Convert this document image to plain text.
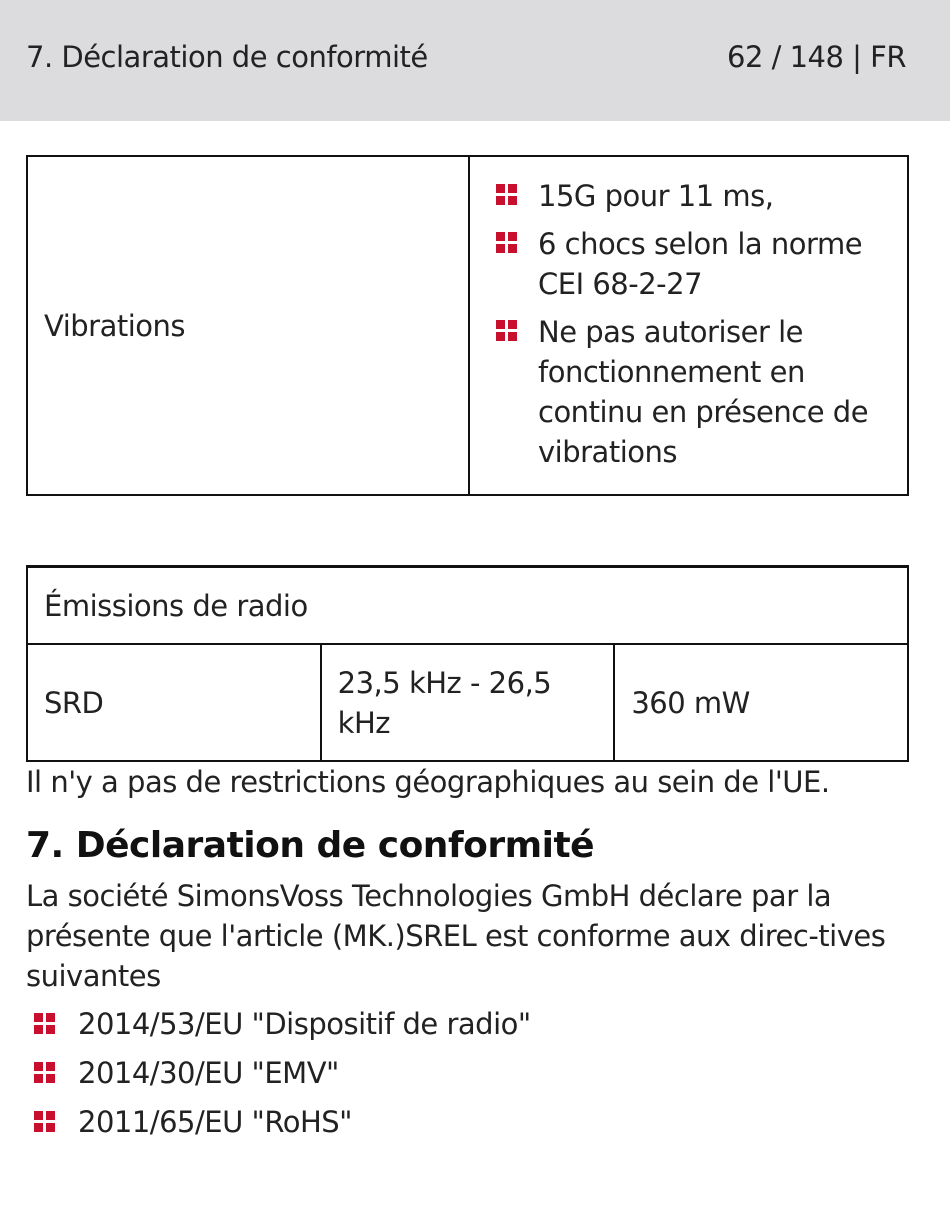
7. Déclaration de conformité	62 / 148 | FR
Vibrations	
15G pour 11 ms,
6 chocs selon la norme CEI 68-2-27
Ne pas autoriser le fonctionnement en continu en présence de vibrations
Émissions de radio
SRD	23,5 kHz - 26,5 kHz	360 mW
Il n'y a pas de restrictions géographiques au sein de l'UE.
7. Déclaration de conformité
La société SimonsVoss Technologies GmbH déclare par la présente que l'article (MK.)SREL est conforme aux direc-tives suivantes
2014/53/EU "Dispositif de radio"
2014/30/EU "EMV"
2011/65/EU "RoHS"
